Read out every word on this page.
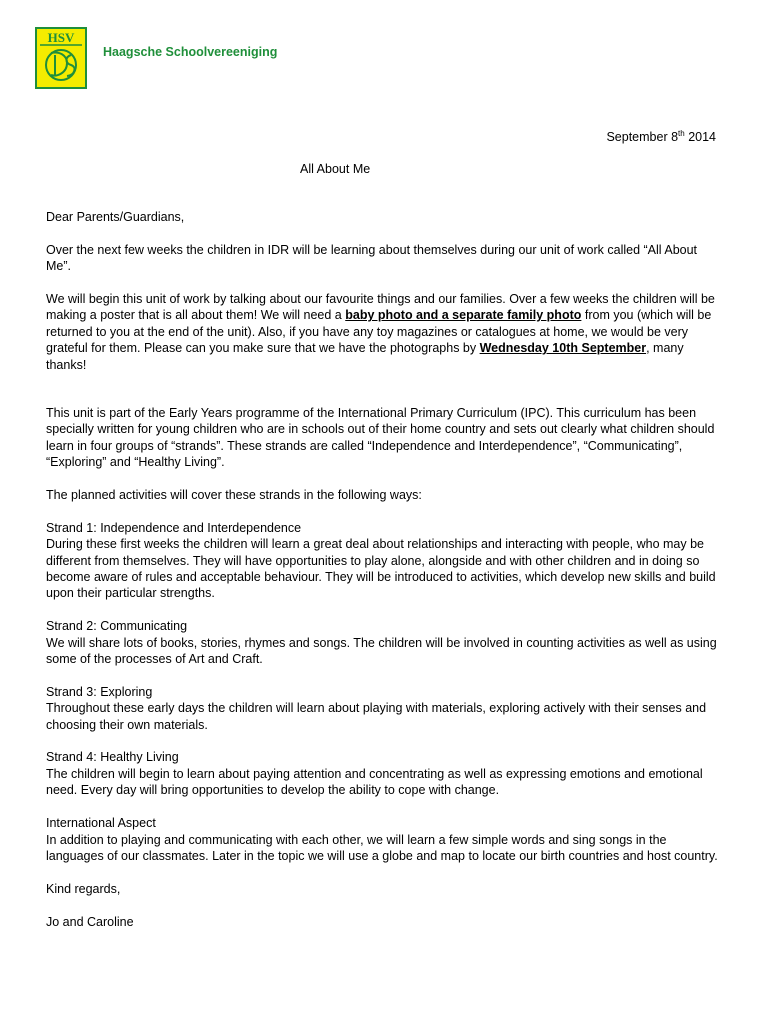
HSV
Haagsche Schoolvereeniging
September 8th 2014
All About Me

Dear Parents/Guardians,

Over the next few weeks the children in IDR will be learning about themselves during our unit of work called “All About Me”.

We will begin this unit of work by talking about our favourite things and our families. Over a few weeks the children will be making a poster that is all about them! We will need a baby photo and a separate family photo from you (which will be returned to you at the end of the unit). Also, if you have any toy magazines or catalogues at home, we would be very grateful for them. Please can you make sure that we have the photographs by Wednesday 10th September, many thanks!

This unit is part of the Early Years programme of the International Primary Curriculum (IPC). This curriculum has been specially written for young children who are in schools out of their home country and sets out clearly what children should learn in four groups of “strands”. These strands are called “Independence and Interdependence”, “Communicating”, “Exploring” and “Healthy Living”.

The planned activities will cover these strands in the following ways:

Strand 1: Independence and Interdependence
During these first weeks the children will learn a great deal about relationships and interacting with people, who may be different from themselves. They will have opportunities to play alone, alongside and with other children and in doing so become aware of rules and acceptable behaviour. They will be introduced to activities, which develop new skills and build upon their particular strengths.

Strand 2: Communicating
We will share lots of books, stories, rhymes and songs. The children will be involved in counting activities as well as using some of the processes of Art and Craft.

Strand 3: Exploring
Throughout these early days the children will learn about playing with materials, exploring actively with their senses and choosing their own materials.

Strand 4: Healthy Living
The children will begin to learn about paying attention and concentrating as well as expressing emotions and emotional need. Every day will bring opportunities to develop the ability to cope with change.

International Aspect
In addition to playing and communicating with each other, we will learn a few simple words and sing songs in the languages of our classmates. Later in the topic we will use a globe and map to locate our birth countries and host country.

Kind regards,

Jo and Caroline
